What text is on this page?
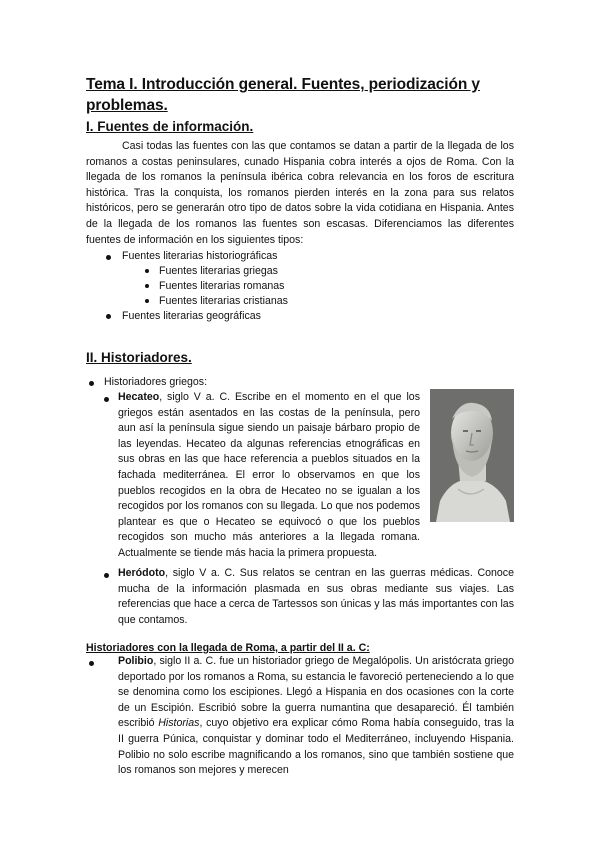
Tema I. Introducción general. Fuentes, periodización y problemas.
I. Fuentes de información.
Casi todas las fuentes con las que contamos se datan a partir de la llegada de los romanos a costas peninsulares, cunado Hispania cobra interés a ojos de Roma. Con la llegada de los romanos la península ibérica cobra relevancia en los foros de escritura histórica. Tras la conquista, los romanos pierden interés en la zona para sus relatos históricos, pero se generarán otro tipo de datos sobre la vida cotidiana en Hispania. Antes de la llegada de los romanos las fuentes son escasas. Diferenciamos las diferentes fuentes de información en los siguientes tipos:
Fuentes literarias historiográficas
Fuentes literarias griegas
Fuentes literarias romanas
Fuentes literarias cristianas
Fuentes literarias geográficas
II. Historiadores.
Historiadores griegos:
Hecateo, siglo V a. C. Escribe en el momento en el que los griegos están asentados en las costas de la península, pero aun así la península sigue siendo un paisaje bárbaro propio de las leyendas. Hecateo da algunas referencias etnográficas en sus obras en las que hace referencia a pueblos situados en la fachada mediterránea. El error lo observamos en que los pueblos recogidos en la obra de Hecateo no se igualan a los recogidos por los romanos con su llegada. Lo que nos podemos plantear es que o Hecateo se equivocó o que los pueblos recogidos son mucho más anteriores a la llegada romana. Actualmente se tiende más hacia la primera propuesta.
Heródoto, siglo V a. C. Sus relatos se centran en las guerras médicas. Conoce mucha de la información plasmada en sus obras mediante sus viajes. Las referencias que hace a cerca de Tartessos son únicas y las más importantes con las que contamos.
Historiadores con la llegada de Roma, a partir del II a. C:
Polibio, siglo II a. C. fue un historiador griego de Megalópolis. Un aristócrata griego deportado por los romanos a Roma, su estancia le favoreció perteneciendo a lo que se denomina como los escipiones. Llegó a Hispania en dos ocasiones con la corte de un Escipión. Escribió sobre la guerra numantina que desapareció. Él también escribió Historias, cuyo objetivo era explicar cómo Roma había conseguido, tras la II guerra Púnica, conquistar y dominar todo el Mediterráneo, incluyendo Hispania. Polibio no solo escribe magnificando a los romanos, sino que también sostiene que los romanos son mejores y merecen
